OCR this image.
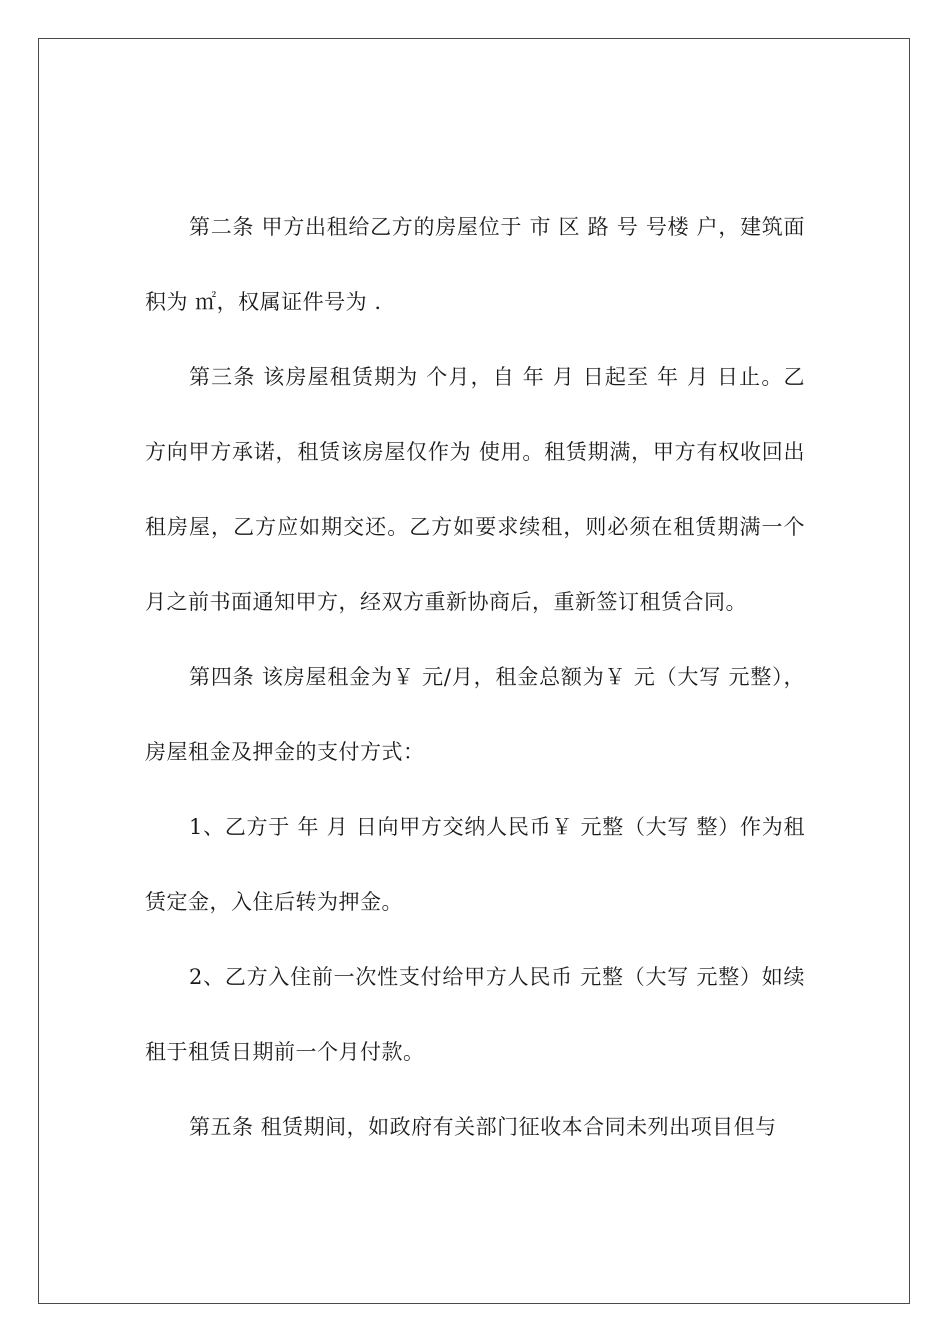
第二条 甲方出租给乙方的房屋位于 市 区 路 号 号楼 户，建筑面积为 ㎡，权属证件号为 .

第三条 该房屋租赁期为 个月，自 年 月 日起至 年 月 日止。乙方向甲方承诺，租赁该房屋仅作为 使用。租赁期满，甲方有权收回出租房屋，乙方应如期交还。乙方如要求续租，则必须在租赁期满一个月之前书面通知甲方，经双方重新协商后，重新签订租赁合同。

第四条 该房屋租金为￥ 元/月，租金总额为￥ 元（大写 元整），房屋租金及押金的支付方式：

1、乙方于 年 月 日向甲方交纳人民币￥ 元整（大写 整）作为租赁定金，入住后转为押金。

2、乙方入住前一次性支付给甲方人民币 元整（大写 元整）如续租于租赁日期前一个月付款。

第五条 租赁期间，如政府有关部门征收本合同未列出项目但与
